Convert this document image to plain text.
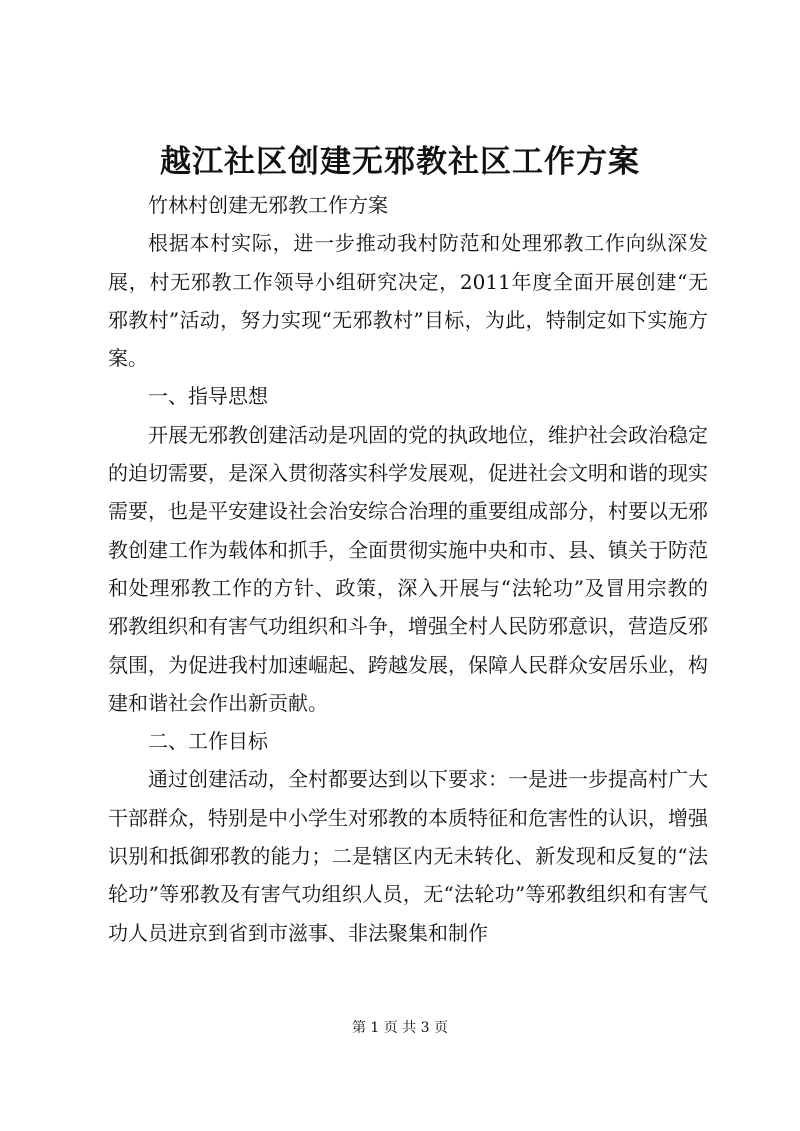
越江社区创建无邪教社区工作方案

竹林村创建无邪教工作方案

根据本村实际，进一步推动我村防范和处理邪教工作向纵深发展，村无邪教工作领导小组研究决定，2011年度全面开展创建“无邪教村”活动，努力实现“无邪教村”目标，为此，特制定如下实施方案。

一、指导思想

开展无邪教创建活动是巩固的党的执政地位，维护社会政治稳定的迫切需要，是深入贯彻落实科学发展观，促进社会文明和谐的现实需要，也是平安建设社会治安综合治理的重要组成部分，村要以无邪教创建工作为载体和抓手，全面贯彻实施中央和市、县、镇关于防范和处理邪教工作的方针、政策，深入开展与“法轮功”及冒用宗教的邪教组织和有害气功组织和斗争，增强全村人民防邪意识，营造反邪氛围，为促进我村加速崛起、跨越发展，保障人民群众安居乐业，构建和谐社会作出新贡献。

二、工作目标

通过创建活动，全村都要达到以下要求：一是进一步提高村广大干部群众，特别是中小学生对邪教的本质特征和危害性的认识，增强识别和抵御邪教的能力；二是辖区内无未转化、新发现和反复的“法轮功”等邪教及有害气功组织人员，无“法轮功”等邪教组织和有害气功人员进京到省到市滋事、非法聚集和制作

第 1 页 共 3 页
